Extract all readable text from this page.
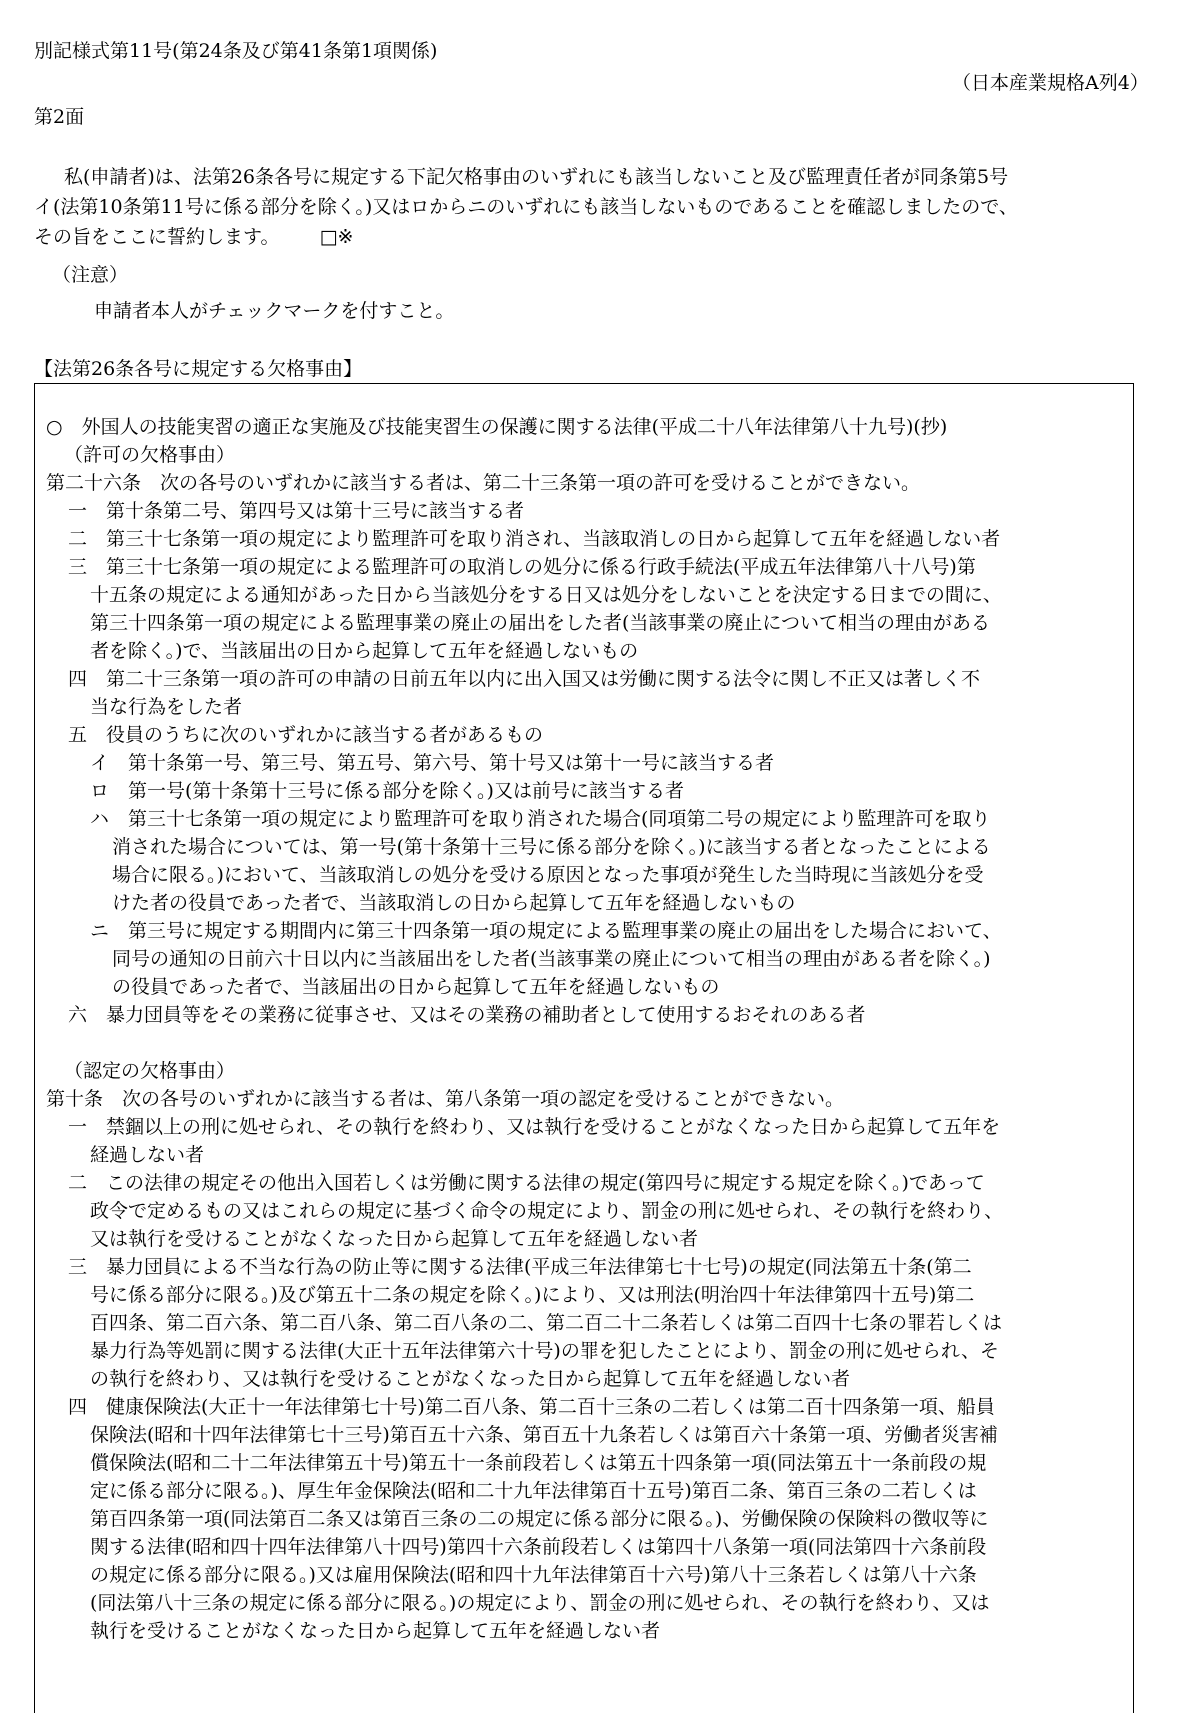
別記様式第11号(第24条及び第41条第1項関係)
（日本産業規格A列4）
第2面
私(申請者)は、法第26条各号に規定する下記欠格事由のいずれにも該当しないこと及び監理責任者が同条第5号
イ(法第10条第11号に係る部分を除く。)又はロからニのいずれにも該当しないものであることを確認しましたので、
その旨をここに誓約します。 □※
（注意）
申請者本人がチェックマークを付すこと。
【法第26条各号に規定する欠格事由】
○　外国人の技能実習の適正な実施及び技能実習生の保護に関する法律(平成二十八年法律第八十九号)(抄)
（許可の欠格事由）
第二十六条　次の各号のいずれかに該当する者は、第二十三条第一項の許可を受けることができない。
一　第十条第二号、第四号又は第十三号に該当する者
二　第三十七条第一項の規定により監理許可を取り消され、当該取消しの日から起算して五年を経過しない者
三　第三十七条第一項の規定による監理許可の取消しの処分に係る行政手続法(平成五年法律第八十八号)第
十五条の規定による通知があった日から当該処分をする日又は処分をしないことを決定する日までの間に、
第三十四条第一項の規定による監理事業の廃止の届出をした者(当該事業の廃止について相当の理由がある
者を除く。)で、当該届出の日から起算して五年を経過しないもの
四　第二十三条第一項の許可の申請の日前五年以内に出入国又は労働に関する法令に関し不正又は著しく不
当な行為をした者
五　役員のうちに次のいずれかに該当する者があるもの
イ　第十条第一号、第三号、第五号、第六号、第十号又は第十一号に該当する者
ロ　第一号(第十条第十三号に係る部分を除く。)又は前号に該当する者
ハ　第三十七条第一項の規定により監理許可を取り消された場合(同項第二号の規定により監理許可を取り
消された場合については、第一号(第十条第十三号に係る部分を除く。)に該当する者となったことによる
場合に限る。)において、当該取消しの処分を受ける原因となった事項が発生した当時現に当該処分を受
けた者の役員であった者で、当該取消しの日から起算して五年を経過しないもの
ニ　第三号に規定する期間内に第三十四条第一項の規定による監理事業の廃止の届出をした場合において、
同号の通知の日前六十日以内に当該届出をした者(当該事業の廃止について相当の理由がある者を除く。)
の役員であった者で、当該届出の日から起算して五年を経過しないもの
六　暴力団員等をその業務に従事させ、又はその業務の補助者として使用するおそれのある者
（認定の欠格事由）
第十条　次の各号のいずれかに該当する者は、第八条第一項の認定を受けることができない。
一　禁錮以上の刑に処せられ、その執行を終わり、又は執行を受けることがなくなった日から起算して五年を
経過しない者
二　この法律の規定その他出入国若しくは労働に関する法律の規定(第四号に規定する規定を除く。)であって
政令で定めるもの又はこれらの規定に基づく命令の規定により、罰金の刑に処せられ、その執行を終わり、
又は執行を受けることがなくなった日から起算して五年を経過しない者
三　暴力団員による不当な行為の防止等に関する法律(平成三年法律第七十七号)の規定(同法第五十条(第二
号に係る部分に限る。)及び第五十二条の規定を除く。)により、又は刑法(明治四十年法律第四十五号)第二
百四条、第二百六条、第二百八条、第二百八条の二、第二百二十二条若しくは第二百四十七条の罪若しくは
暴力行為等処罰に関する法律(大正十五年法律第六十号)の罪を犯したことにより、罰金の刑に処せられ、そ
の執行を終わり、又は執行を受けることがなくなった日から起算して五年を経過しない者
四　健康保険法(大正十一年法律第七十号)第二百八条、第二百十三条の二若しくは第二百十四条第一項、船員
保険法(昭和十四年法律第七十三号)第百五十六条、第百五十九条若しくは第百六十条第一項、労働者災害補
償保険法(昭和二十二年法律第五十号)第五十一条前段若しくは第五十四条第一項(同法第五十一条前段の規
定に係る部分に限る。)、厚生年金保険法(昭和二十九年法律第百十五号)第百二条、第百三条の二若しくは
第百四条第一項(同法第百二条又は第百三条の二の規定に係る部分に限る。)、労働保険の保険料の徴収等に
関する法律(昭和四十四年法律第八十四号)第四十六条前段若しくは第四十八条第一項(同法第四十六条前段
の規定に係る部分に限る。)又は雇用保険法(昭和四十九年法律第百十六号)第八十三条若しくは第八十六条
(同法第八十三条の規定に係る部分に限る。)の規定により、罰金の刑に処せられ、その執行を終わり、又は
執行を受けることがなくなった日から起算して五年を経過しない者
